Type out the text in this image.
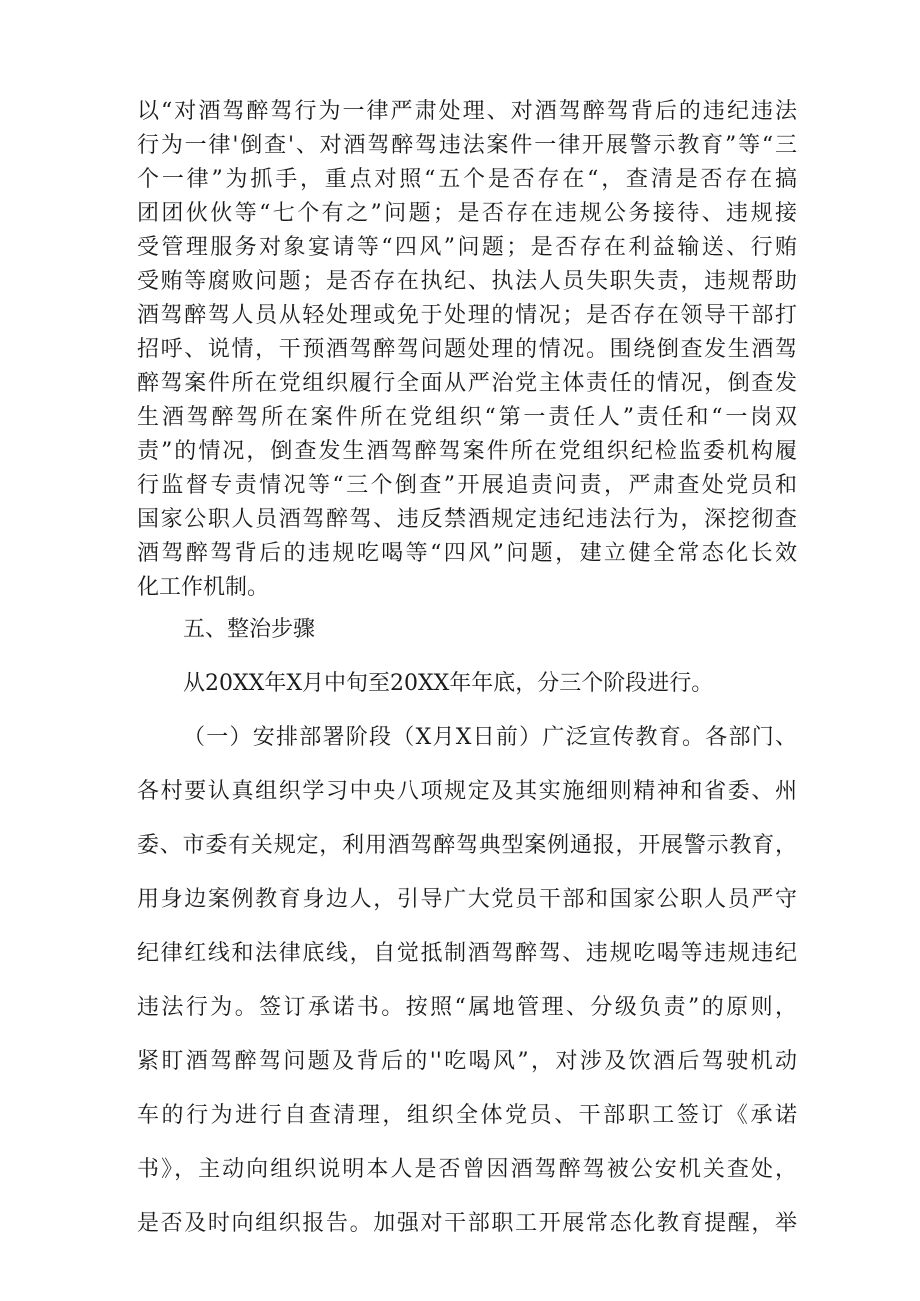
以“对酒驾醉驾行为一律严肃处理、对酒驾醉驾背后的违纪违法
行为一律'倒查'、对酒驾醉驾违法案件一律开展警示教育”等“三
个一律”为抓手，重点对照“五个是否存在“，查清是否存在搞
团团伙伙等“七个有之”问题；是否存在违规公务接待、违规接
受管理服务对象宴请等“四风”问题；是否存在利益输送、行贿
受贿等腐败问题；是否存在执纪、执法人员失职失责，违规帮助
酒驾醉驾人员从轻处理或免于处理的情况；是否存在领导干部打
招呼、说情，干预酒驾醉驾问题处理的情况。围绕倒查发生酒驾
醉驾案件所在党组织履行全面从严治党主体责任的情况，倒查发
生酒驾醉驾所在案件所在党组织“第一责任人”责任和“一岗双
责”的情况，倒查发生酒驾醉驾案件所在党组织纪检监委机构履
行监督专责情况等“三个倒查”开展追责问责，严肃查处党员和
国家公职人员酒驾醉驾、违反禁酒规定违纪违法行为，深挖彻查
酒驾醉驾背后的违规吃喝等“四风”问题，建立健全常态化长效
化工作机制。
五、整治步骤
从20XX年X月中旬至20XX年年底，分三个阶段进行。
（一）安排部署阶段（X月X日前）广泛宣传教育。各部门、
各村要认真组织学习中央八项规定及其实施细则精神和省委、州
委、市委有关规定，利用酒驾醉驾典型案例通报，开展警示教育，
用身边案例教育身边人，引导广大党员干部和国家公职人员严守
纪律红线和法律底线，自觉抵制酒驾醉驾、违规吃喝等违规违纪
违法行为。签订承诺书。按照“属地管理、分级负责”的原则，
紧盯酒驾醉驾问题及背后的''吃喝风”，对涉及饮酒后驾驶机动
车的行为进行自查清理，组织全体党员、干部职工签订《承诺
书》，主动向组织说明本人是否曾因酒驾醉驾被公安机关查处，
是否及时向组织报告。加强对干部职工开展常态化教育提醒，举
